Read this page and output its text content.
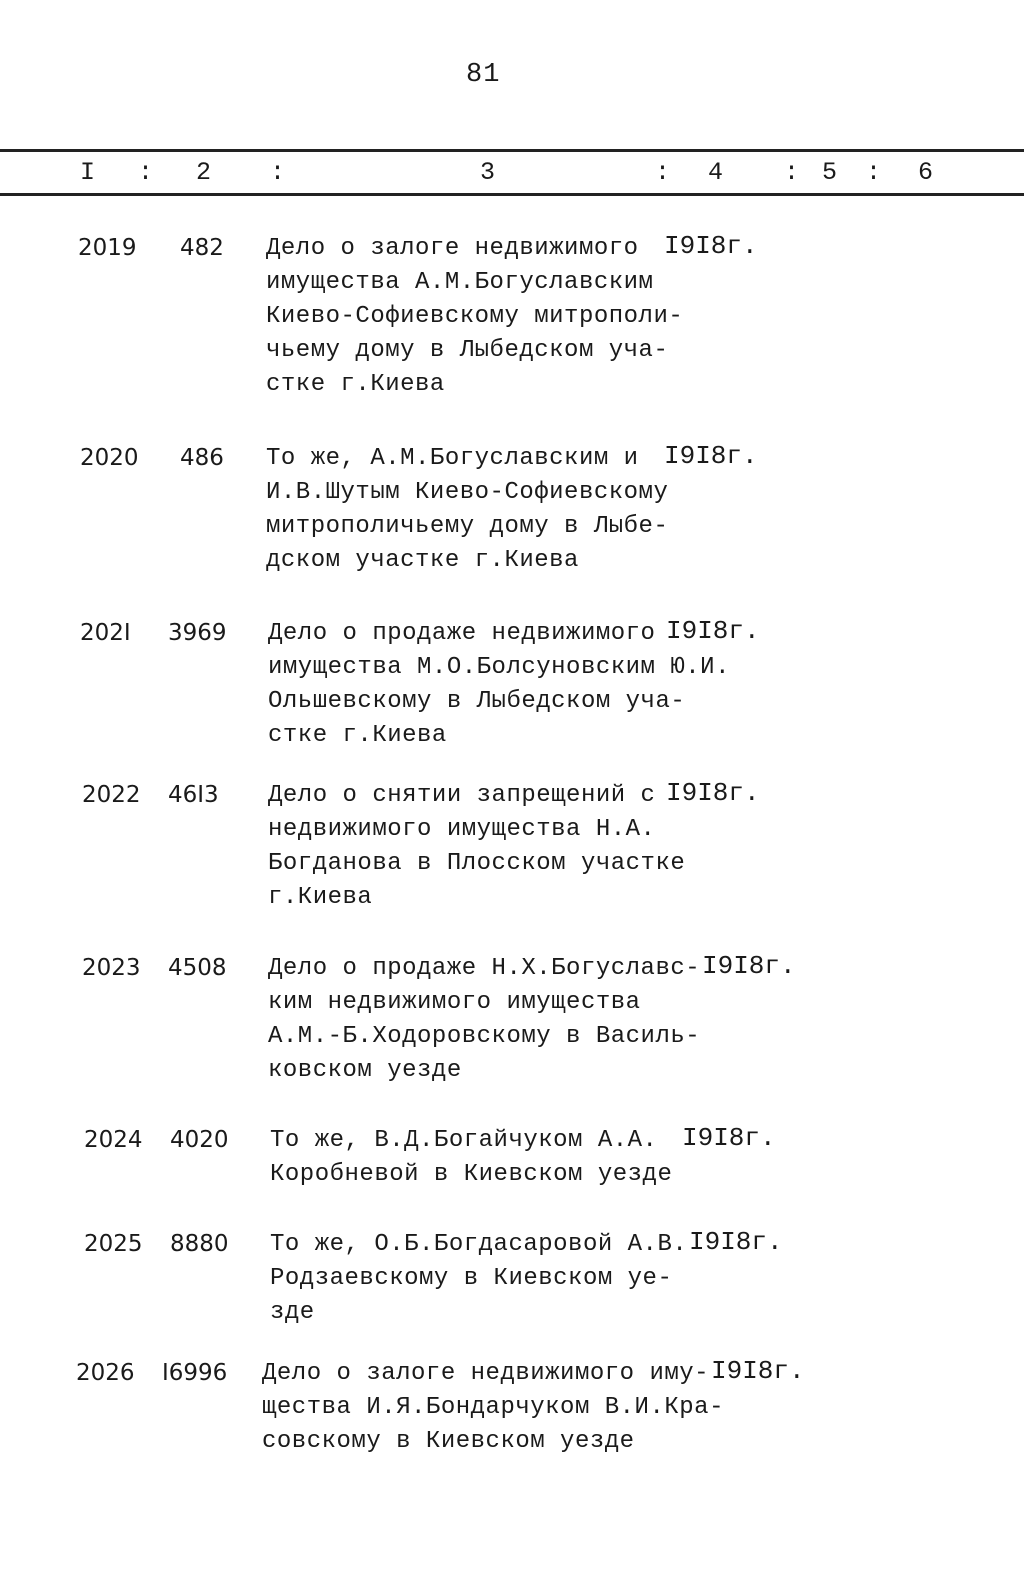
81
I : 2 :	3	: 4 : 5 : 6
2019 482 Дело о залоге недвижимого
имущества А.М.Богуславским
Киево-Софиевскому митрополи-
чьему дому в Лыбедском уча-
стке г.Киева
I9I8г.
2020 486 То же, А.М.Богуславским и
И.В.Шутым Киево-Софиевскому
митрополичьему дому в Лыбе-
дском участке г.Киева
I9I8г.
202I 3969 Дело о продаже недвижимого
имущества М.О.Болсуновским Ю.И.
Ольшевскому в Лыбедском уча-
стке г.Киева
I9I8г.
2022 46I3 Дело о снятии запрещений с
недвижимого имущества Н.А.
Богданова в Плосском участке
г.Киева
I9I8г.
2023 4508 Дело о продаже Н.Х.Богуславс-
ким недвижимого имущества
А.М.-Б.Ходоровскому в Василь-
ковском уезде
I9I8г.
2024 4020 То же, В.Д.Богайчуком А.А.
Коробневой в Киевском уезде
I9I8г.
2025 8880 То же, О.Б.Богдасаровой А.В.
Родзаевскому в Киевском уе-
зде
I9I8г.
2026 I6996 Дело о залоге недвижимого иму-
щества И.Я.Бондарчуком В.И.Кра-
совскому в Киевском уезде
I9I8г.
